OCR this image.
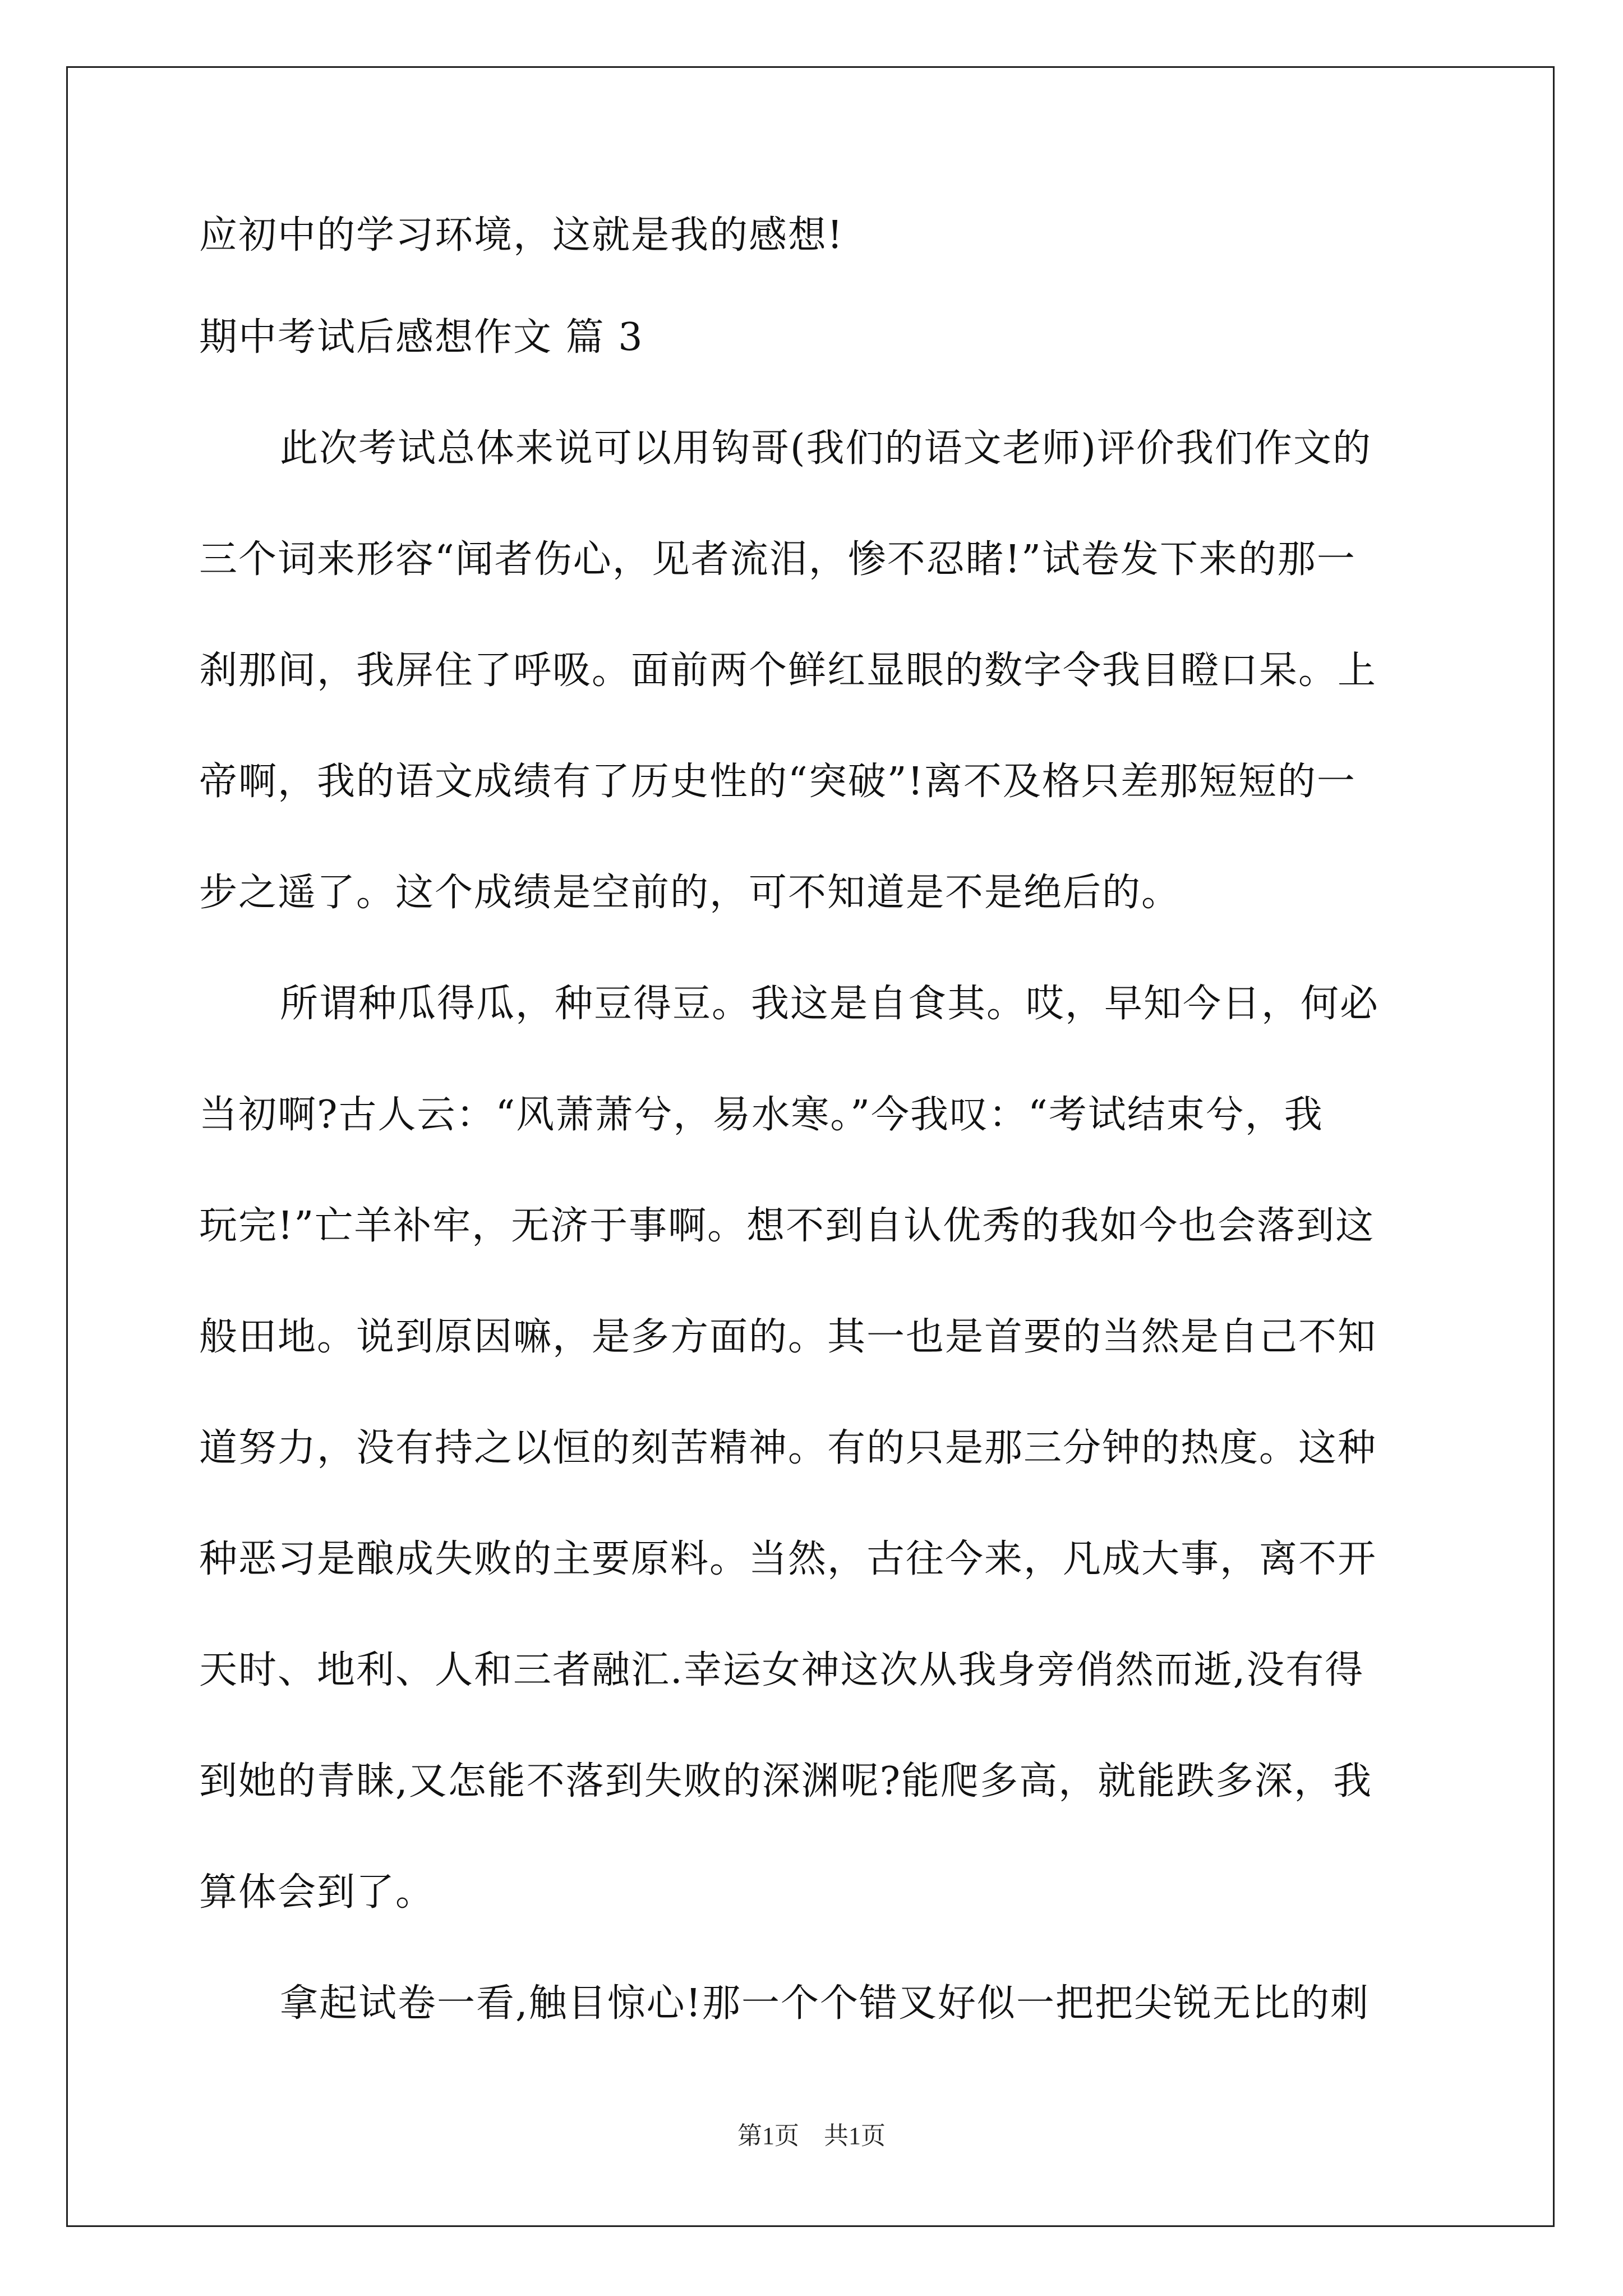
应初中的学习环境，这就是我的感想!

期中考试后感想作文 篇 3

此次考试总体来说可以用钩哥(我们的语文老师)评价我们作文的

三个词来形容“闻者伤心，见者流泪，惨不忍睹!”试卷发下来的那一

刹那间，我屏住了呼吸。面前两个鲜红显眼的数字令我目瞪口呆。上

帝啊，我的语文成绩有了历史性的“突破”!离不及格只差那短短的一

步之遥了。这个成绩是空前的，可不知道是不是绝后的。

所谓种瓜得瓜，种豆得豆。我这是自食其。哎，早知今日，何必

当初啊?古人云：“风萧萧兮，易水寒。”今我叹：“考试结束兮，我

玩完!”亡羊补牢，无济于事啊。想不到自认优秀的我如今也会落到这

般田地。说到原因嘛，是多方面的。其一也是首要的当然是自己不知

道努力，没有持之以恒的刻苦精神。有的只是那三分钟的热度。这种

种恶习是酿成失败的主要原料。当然，古往今来，凡成大事，离不开

天时、地利、人和三者融汇.幸运女神这次从我身旁俏然而逝,没有得

到她的青睐,又怎能不落到失败的深渊呢?能爬多高，就能跌多深，我

算体会到了。

拿起试卷一看,触目惊心!那一个个错叉好似一把把尖锐无比的刺

第1页　共1页
